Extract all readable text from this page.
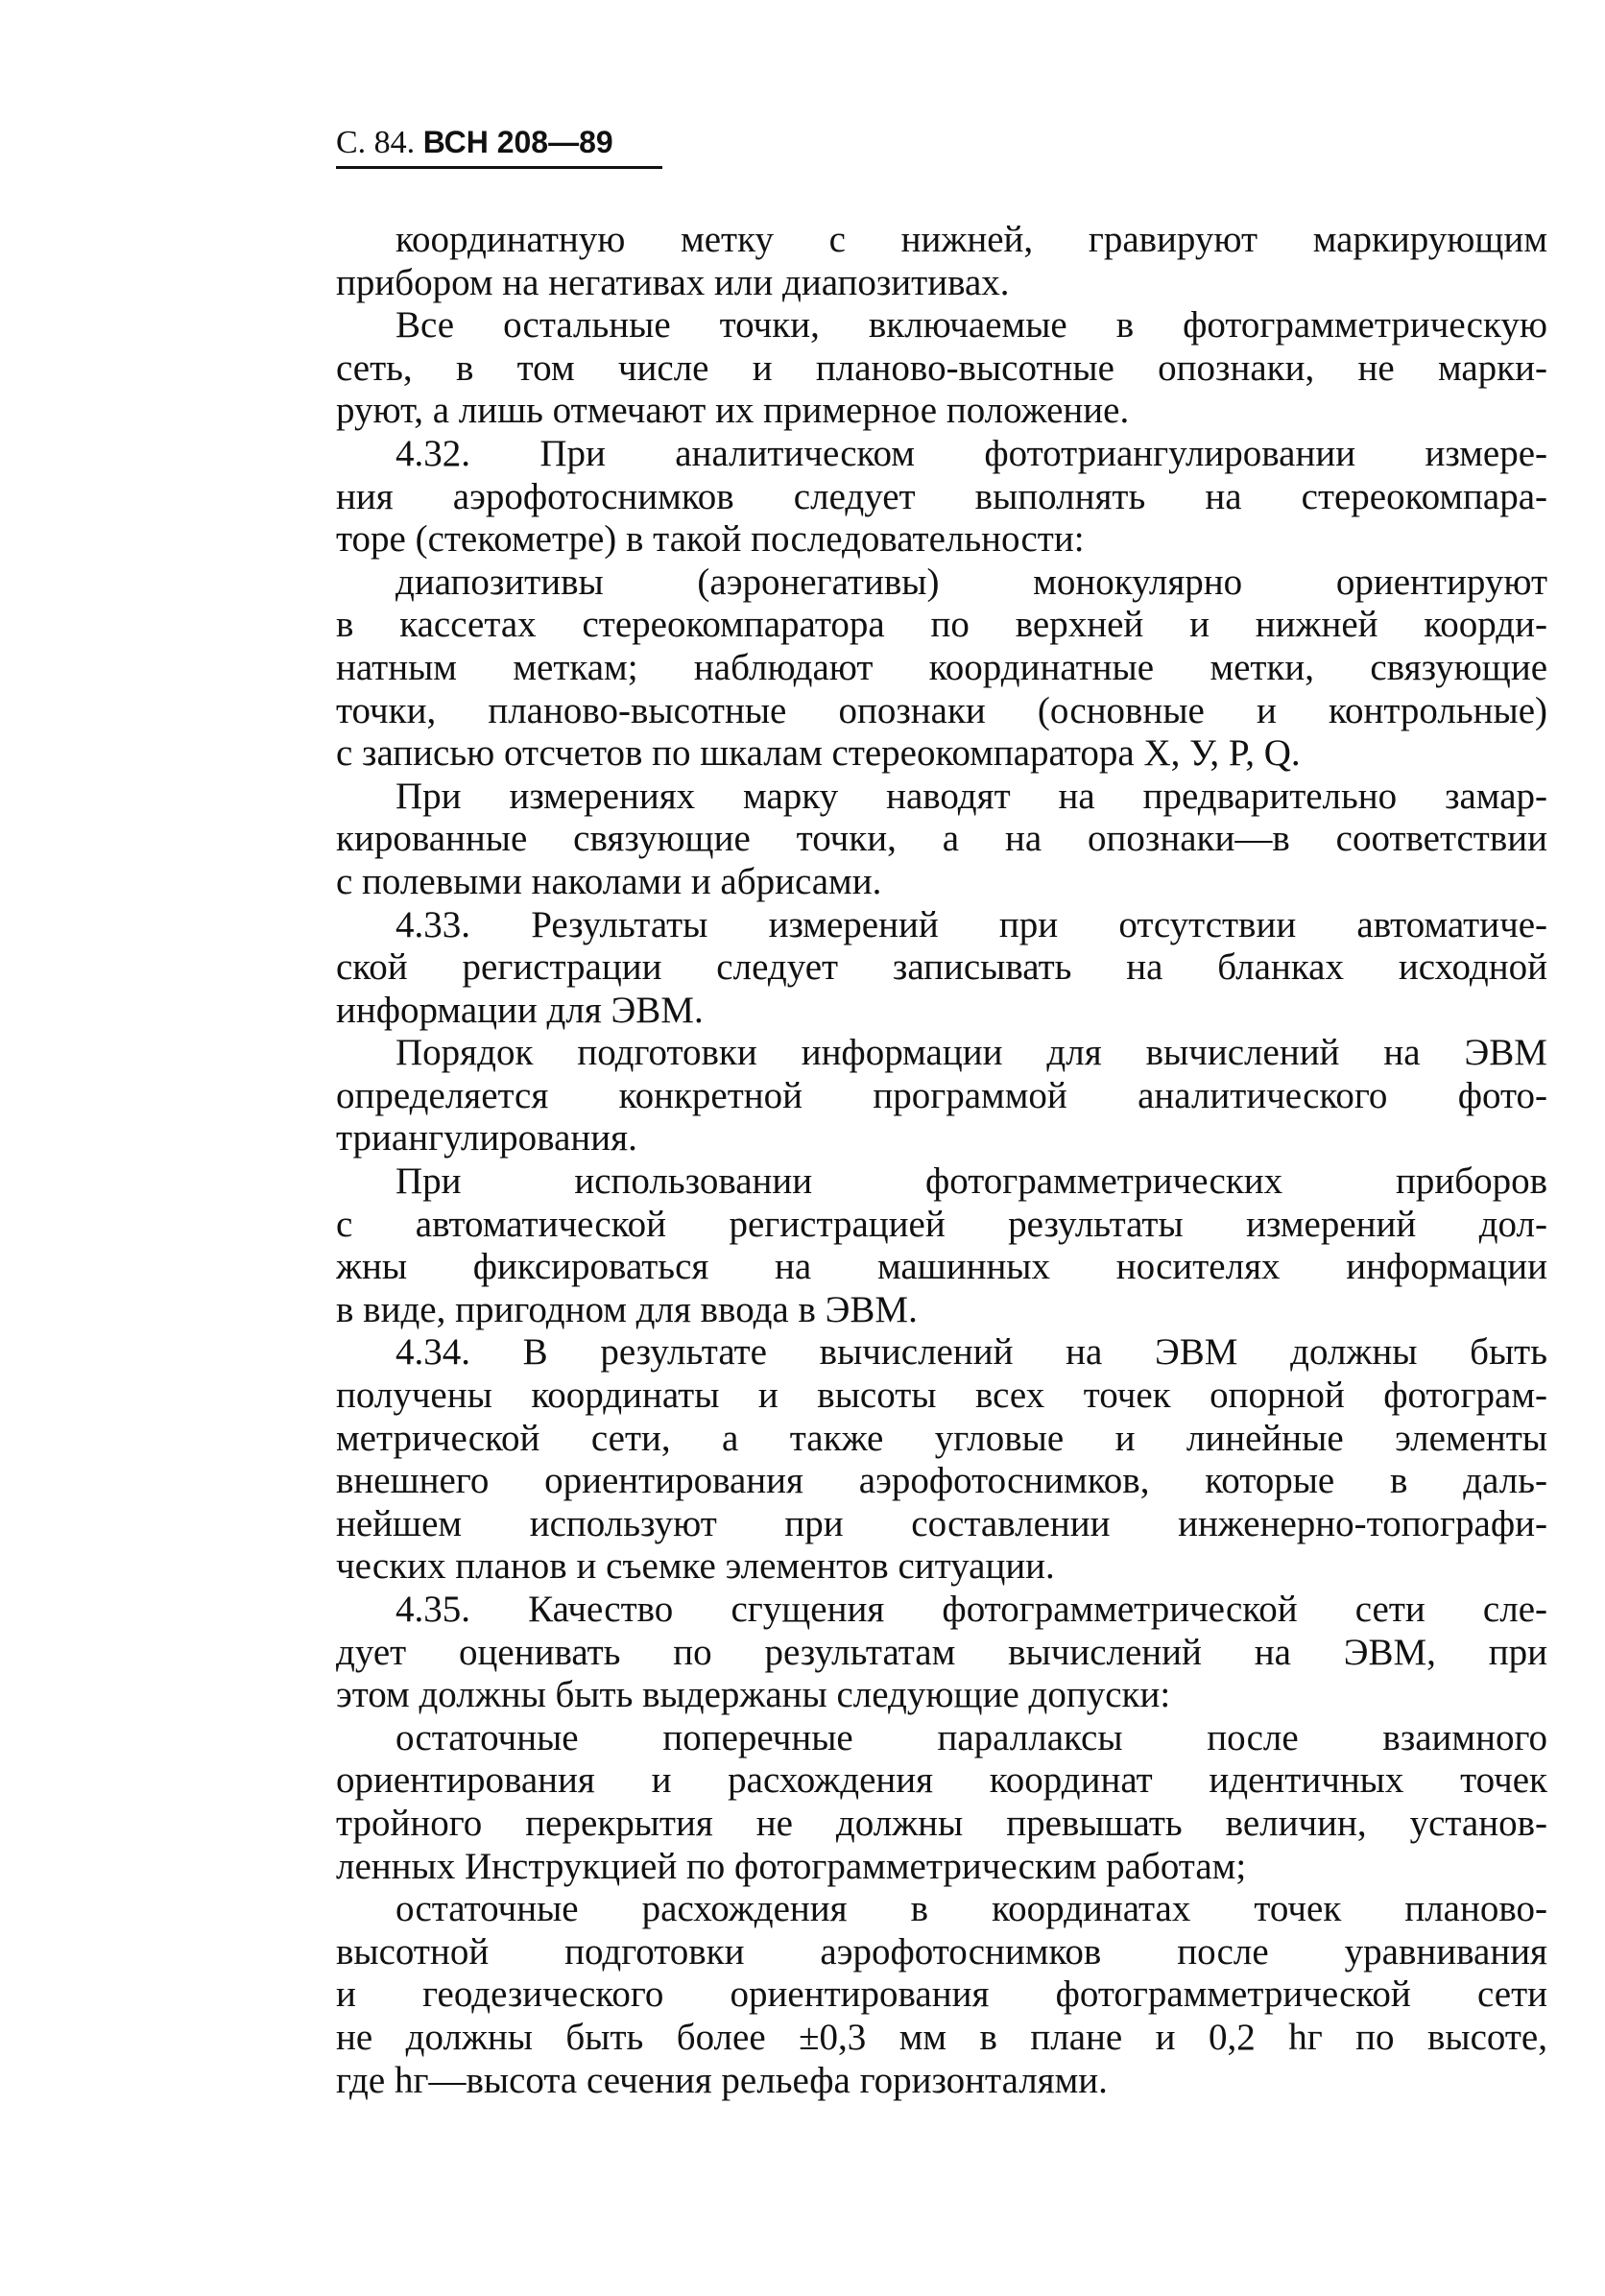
С. 84. ВСН 208—89
координатную метку с нижней, гравируют маркирующим
прибором на негативах или диапозитивах.
Все остальные точки, включаемые в фотограмметрическую
сеть, в том числе и планово-высотные опознаки, не марки-
руют, а лишь отмечают их примерное положение.
4.32. При аналитическом фототриангулировании измере-
ния аэрофотоснимков следует выполнять на стереокомпара-
торе (стекометре) в такой последовательности:
диапозитивы (аэронегативы) монокулярно ориентируют
в кассетах стереокомпаратора по верхней и нижней коорди-
натным меткам; наблюдают координатные метки, связующие
точки, планово-высотные опознаки (основные и контрольные)
с записью отсчетов по шкалам стереокомпаратора X, У, P, Q.
При измерениях марку наводят на предварительно замар-
кированные связующие точки, а на опознаки—в соответствии
с полевыми наколами и абрисами.
4.33. Результаты измерений при отсутствии автоматиче-
ской регистрации следует записывать на бланках исходной
информации для ЭВМ.
Порядок подготовки информации для вычислений на ЭВМ
определяется конкретной программой аналитического фото-
триангулирования.
При использовании фотограмметрических приборов
с автоматической регистрацией результаты измерений дол-
жны фиксироваться на машинных носителях информации
в виде, пригодном для ввода в ЭВМ.
4.34. В результате вычислений на ЭВМ должны быть
получены координаты и высоты всех точек опорной фотограм-
метрической сети, а также угловые и линейные элементы
внешнего ориентирования аэрофотоснимков, которые в даль-
нейшем используют при составлении инженерно-топографи-
ческих планов и съемке элементов ситуации.
4.35. Качество сгущения фотограмметрической сети сле-
дует оценивать по результатам вычислений на ЭВМ, при
этом должны быть выдержаны следующие допуски:
остаточные поперечные параллаксы после взаимного
ориентирования и расхождения координат идентичных точек
тройного перекрытия не должны превышать величин, установ-
ленных Инструкцией по фотограмметрическим работам;
остаточные расхождения в координатах точек планово-
высотной подготовки аэрофотоснимков после уравнивания
и геодезического ориентирования фотограмметрической сети
не должны быть более ±0,3 мм в плане и 0,2 hг по высоте,
где hг—высота сечения рельефа горизонталями.
